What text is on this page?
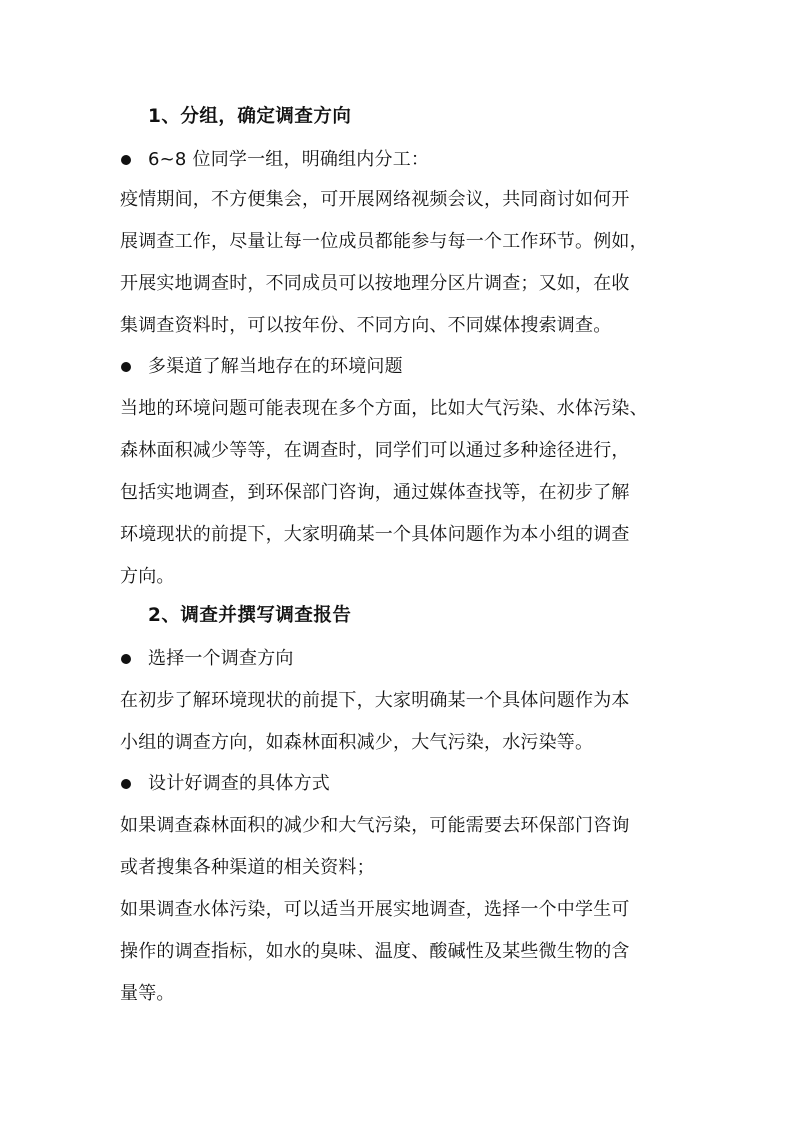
1、分组，确定调查方向
6~8 位同学一组，明确组内分工：
疫情期间，不方便集会，可开展网络视频会议，共同商讨如何开
展调查工作，尽量让每一位成员都能参与每一个工作环节。例如，
开展实地调查时，不同成员可以按地理分区片调查；又如，在收
集调查资料时，可以按年份、不同方向、不同媒体搜索调查。
多渠道了解当地存在的环境问题
当地的环境问题可能表现在多个方面，比如大气污染、水体污染、
森林面积减少等等，在调查时，同学们可以通过多种途径进行，
包括实地调查，到环保部门咨询，通过媒体查找等，在初步了解
环境现状的前提下，大家明确某一个具体问题作为本小组的调查
方向。
2、调查并撰写调查报告
选择一个调查方向
在初步了解环境现状的前提下，大家明确某一个具体问题作为本
小组的调查方向，如森林面积减少，大气污染，水污染等。
设计好调查的具体方式
如果调查森林面积的减少和大气污染，可能需要去环保部门咨询
或者搜集各种渠道的相关资料；
如果调查水体污染，可以适当开展实地调查，选择一个中学生可
操作的调查指标，如水的臭味、温度、酸碱性及某些微生物的含
量等。
